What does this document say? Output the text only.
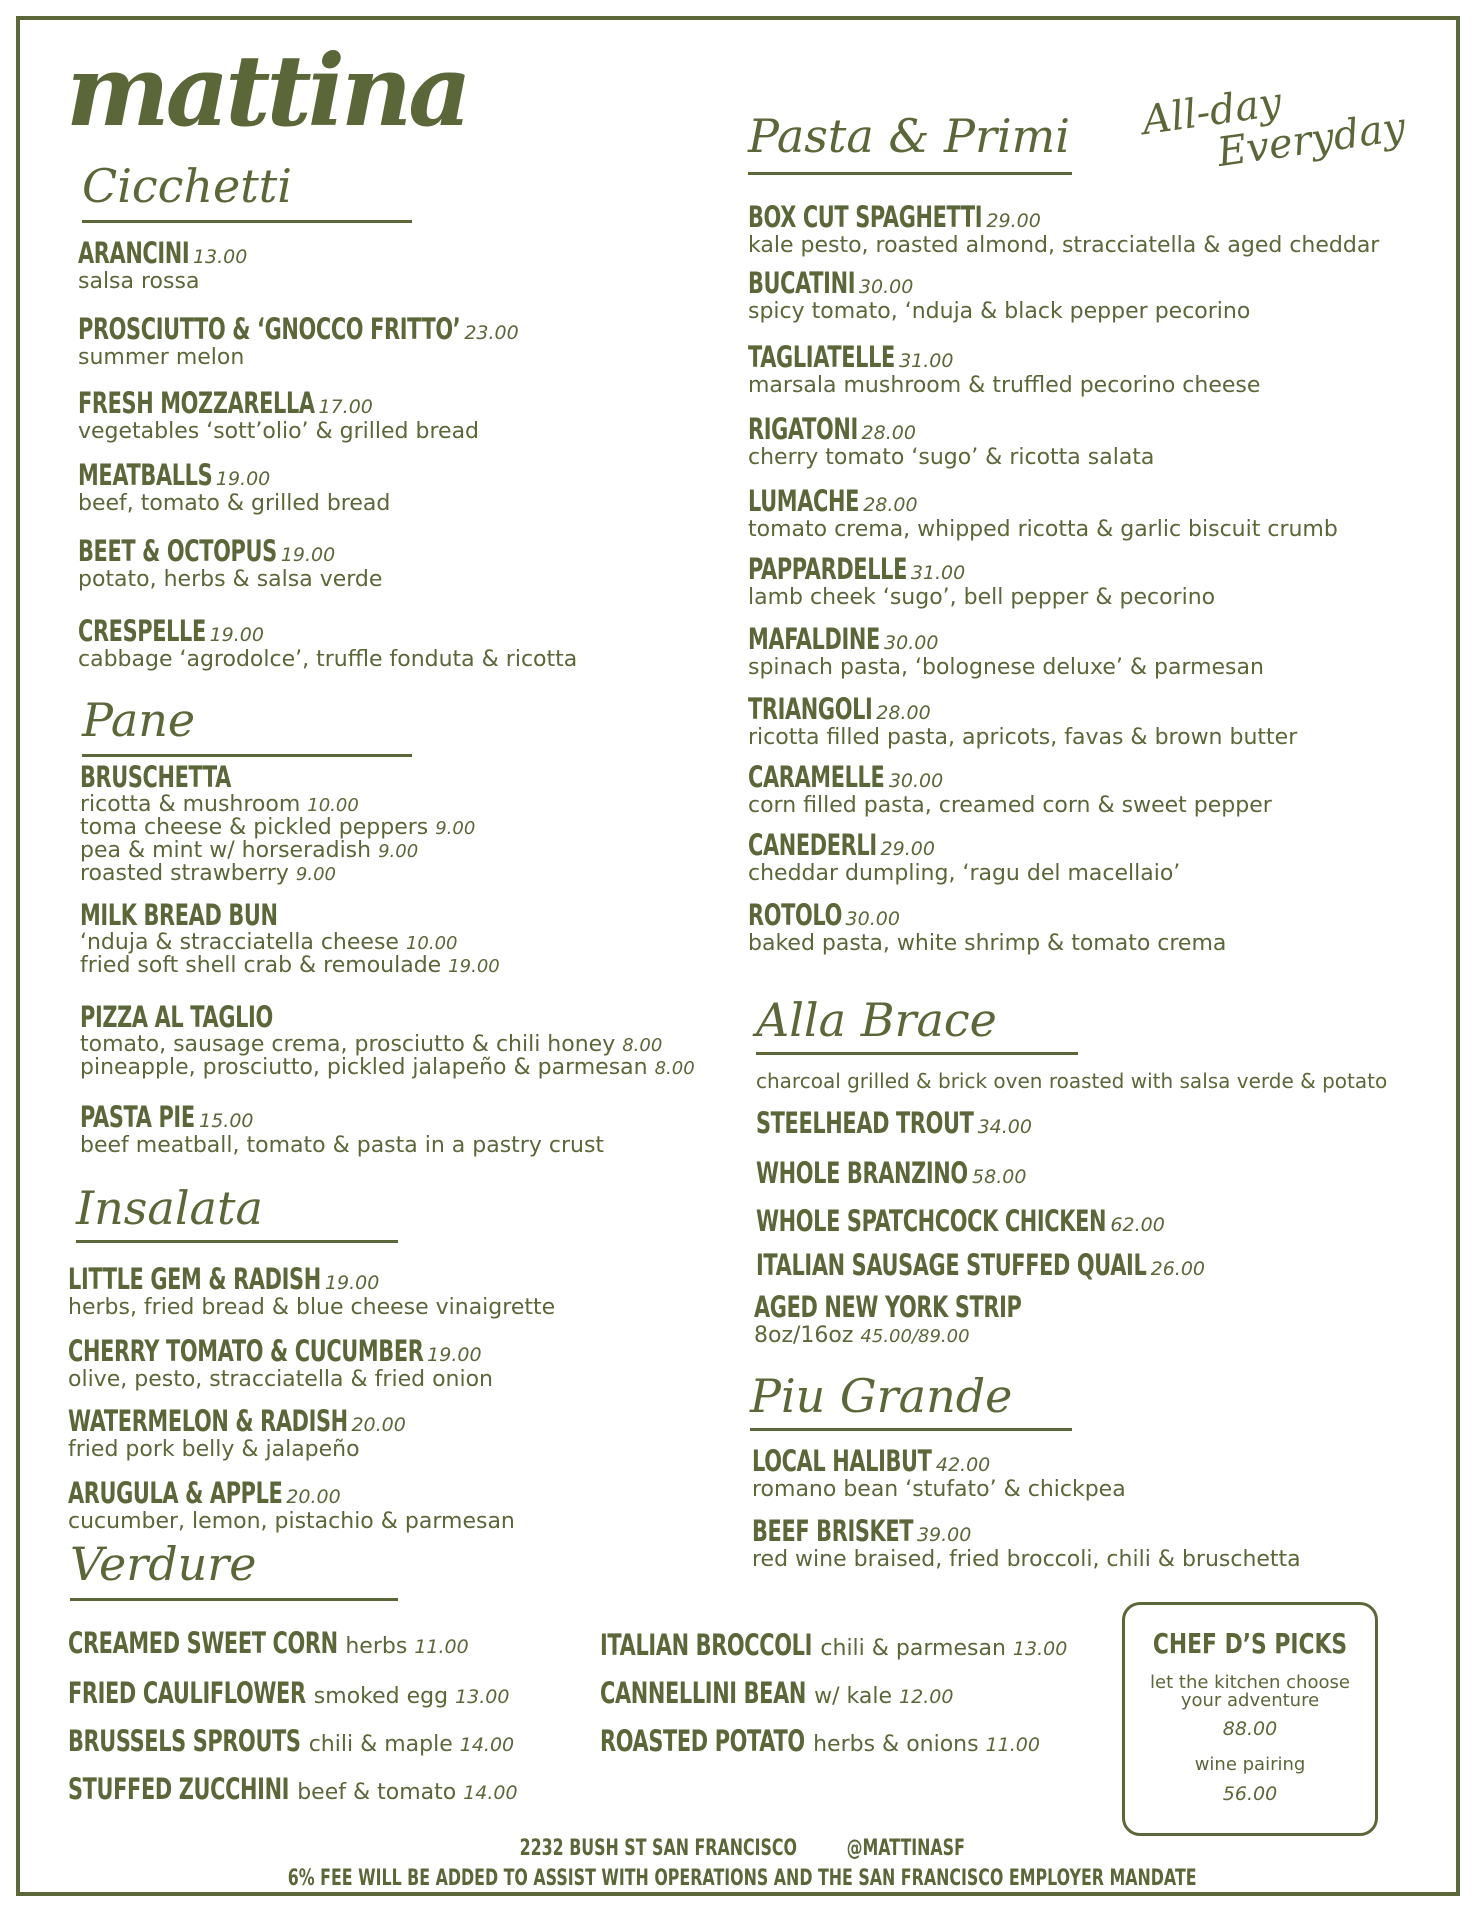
mattina	All-day
Everyday
Cicchetti
ARANCINI 13.00
salsa rossa
PROSCIUTTO & ‘GNOCCO FRITTO’ 23.00
summer melon
FRESH MOZZARELLA 17.00
vegetables ‘sott’olio’ & grilled bread
MEATBALLS 19.00
beef, tomato & grilled bread
BEET & OCTOPUS 19.00
potato, herbs & salsa verde
CRESPELLE 19.00
cabbage ‘agrodolce’, truffle fonduta & ricotta
Pane
BRUSCHETTA
ricotta & mushroom 10.00
toma cheese & pickled peppers 9.00
pea & mint w/ horseradish 9.00
roasted strawberry 9.00
MILK BREAD BUN
‘nduja & stracciatella cheese 10.00
fried soft shell crab & remoulade 19.00
PIZZA AL TAGLIO
tomato, sausage crema, prosciutto & chili honey 8.00
pineapple, prosciutto, pickled jalapeño & parmesan 8.00
PASTA PIE 15.00
beef meatball, tomato & pasta in a pastry crust
Insalata
LITTLE GEM & RADISH 19.00
herbs, fried bread & blue cheese vinaigrette
CHERRY TOMATO & CUCUMBER 19.00
olive, pesto, stracciatella & fried onion
WATERMELON & RADISH 20.00
fried pork belly & jalapeño
ARUGULA & APPLE 20.00
cucumber, lemon, pistachio & parmesan
Verdure
CREAMED SWEET CORN herbs 11.00
FRIED CAULIFLOWER smoked egg 13.00
BRUSSELS SPROUTS chili & maple 14.00
STUFFED ZUCCHINI beef & tomato 14.00
ITALIAN BROCCOLI chili & parmesan 13.00
CANNELLINI BEAN w/ kale 12.00
ROASTED POTATO herbs & onions 11.00
Pasta & Primi
BOX CUT SPAGHETTI 29.00
kale pesto, roasted almond, stracciatella & aged cheddar
BUCATINI 30.00
spicy tomato, ‘nduja & black pepper pecorino
TAGLIATELLE 31.00
marsala mushroom & truffled pecorino cheese
RIGATONI 28.00
cherry tomato ‘sugo’ & ricotta salata
LUMACHE 28.00
tomato crema, whipped ricotta & garlic biscuit crumb
PAPPARDELLE 31.00
lamb cheek ‘sugo’, bell pepper & pecorino
MAFALDINE 30.00
spinach pasta, ‘bolognese deluxe’ & parmesan
TRIANGOLI 28.00
ricotta filled pasta, apricots, favas & brown butter
CARAMELLE 30.00
corn filled pasta, creamed corn & sweet pepper
CANEDERLI 29.00
cheddar dumpling, ‘ragu del macellaio’
ROTOLO 30.00
baked pasta, white shrimp & tomato crema
Alla Brace
charcoal grilled & brick oven roasted with salsa verde & potato
STEELHEAD TROUT 34.00
WHOLE BRANZINO 58.00
WHOLE SPATCHCOCK CHICKEN 62.00
ITALIAN SAUSAGE STUFFED QUAIL 26.00
AGED NEW YORK STRIP
8oz/16oz 45.00/89.00
Piu Grande
LOCAL HALIBUT 42.00
romano bean ‘stufato’ & chickpea
BEEF BRISKET 39.00
red wine braised, fried broccoli, chili & bruschetta
CHEF D’S PICKS
let the kitchen choose
your adventure
88.00
wine pairing
56.00
2232 BUSH ST SAN FRANCISCO @MATTINASF
6% FEE WILL BE ADDED TO ASSIST WITH OPERATIONS AND THE SAN FRANCISCO EMPLOYER MANDATE
